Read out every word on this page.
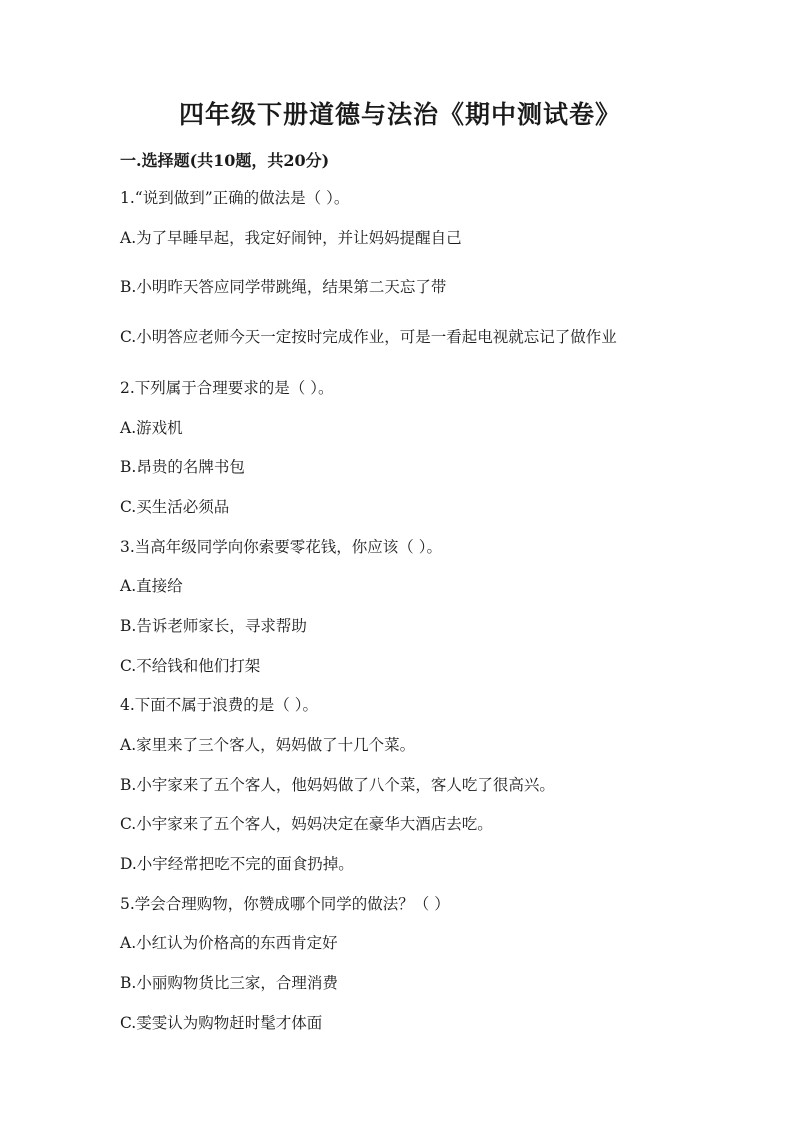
四年级下册道德与法治《期中测试卷》
一.选择题(共10题，共20分)
1.“说到做到”正确的做法是（ ）。
A.为了早睡早起，我定好闹钟，并让妈妈提醒自己
B.小明昨天答应同学带跳绳，结果第二天忘了带
C.小明答应老师今天一定按时完成作业，可是一看起电视就忘记了做作业
2.下列属于合理要求的是（ ）。
A.游戏机
B.昂贵的名牌书包
C.买生活必须品
3.当高年级同学向你索要零花钱，你应该（ ）。
A.直接给
B.告诉老师家长，寻求帮助
C.不给钱和他们打架
4.下面不属于浪费的是（ ）。
A.家里来了三个客人，妈妈做了十几个菜。
B.小宇家来了五个客人，他妈妈做了八个菜，客人吃了很高兴。
C.小宇家来了五个客人，妈妈决定在豪华大酒店去吃。
D.小宇经常把吃不完的面食扔掉。
5.学会合理购物，你赞成哪个同学的做法？（ ）
A.小红认为价格高的东西肯定好
B.小丽购物货比三家，合理消费
C.雯雯认为购物赶时髦才体面
